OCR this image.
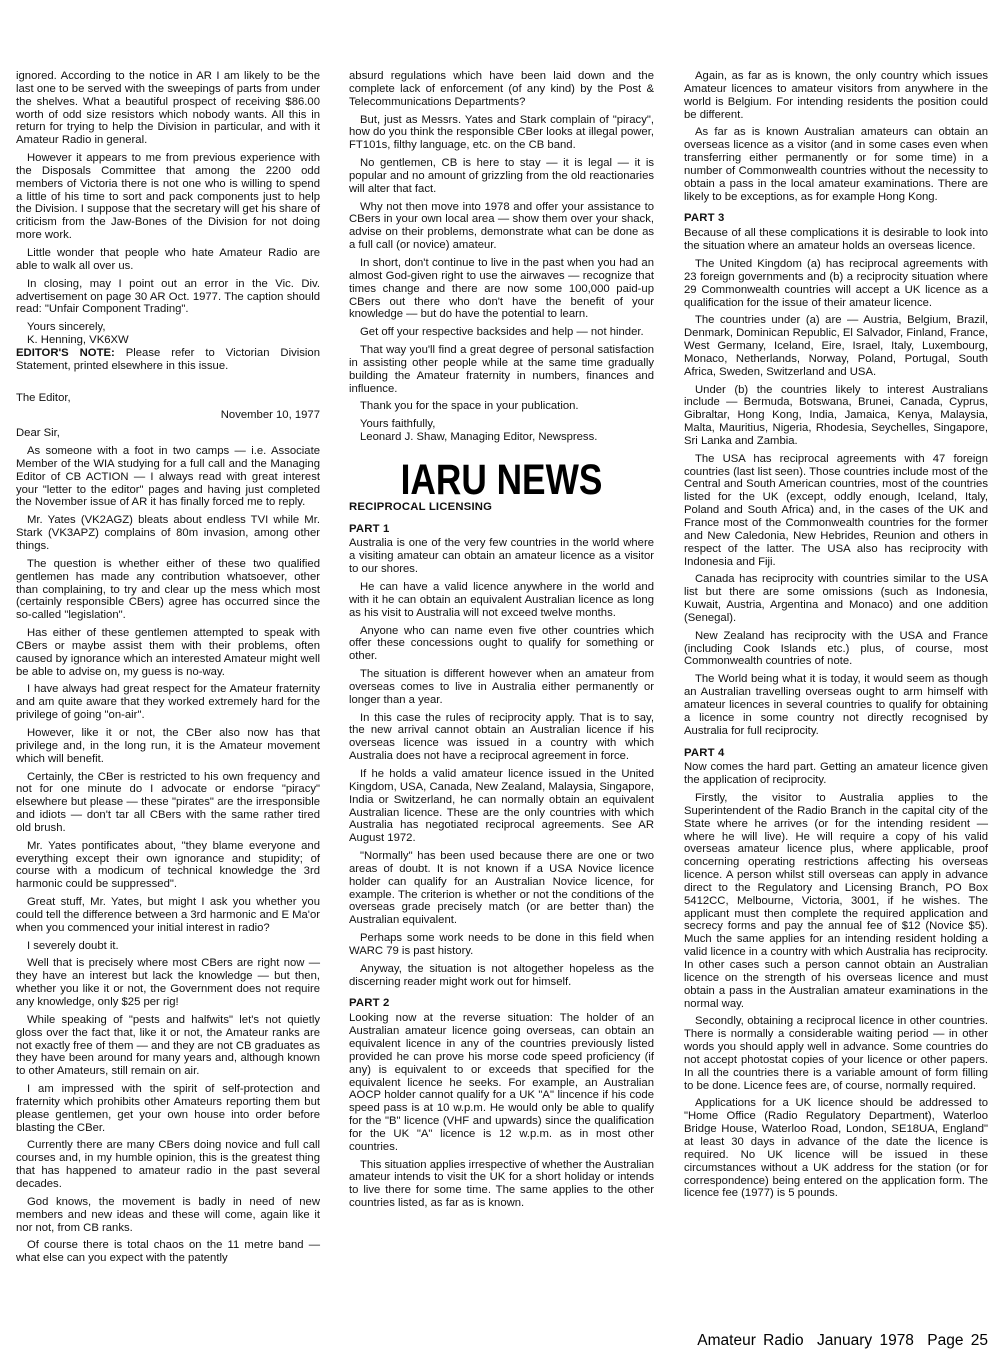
ignored. According to the notice in AR I am likely to be the last one to be served with the sweepings of parts from under the shelves. What a beautiful prospect of receiving $86.00 worth of odd size resistors which nobody wants. All this in return for trying to help the Division in particular, and with it Amateur Radio in general.

However it appears to me from previous experience with the Disposals Committee that among the 2200 odd members of Victoria there is not one who is willing to spend a little of his time to sort and pack components just to help the Division. I suppose that the secretary will get his share of criticism from the Jaw-Bones of the Division for not doing more work.

Little wonder that people who hate Amateur Radio are able to walk all over us.

In closing, may I point out an error in the Vic. Div. advertisement on page 30 AR Oct. 1977. The caption should read: "Unfair Component Trading".

Yours sincerely,

K. Henning, VK6XW

EDITOR'S NOTE: Please refer to Victorian Division Statement, printed elsewhere in this issue.

The Editor,

November 10, 1977

Dear Sir,

As someone with a foot in two camps — i.e. Associate Member of the WIA studying for a full call and the Managing Editor of CB ACTION — I always read with great interest your "letter to the editor" pages and having just completed the November issue of AR it has finally forced me to reply.

Mr. Yates (VK2AGZ) bleats about endless TVI while Mr. Stark (VK3APZ) complains of 80m invasion, among other things.

The question is whether either of these two qualified gentlemen has made any contribution whatsoever, other than complaining, to try and clear up the mess which most (certainly responsible CBers) agree has occurred since the so-called "legislation".

Has either of these gentlemen attempted to speak with CBers or maybe assist them with their problems, often caused by ignorance which an interested Amateur might well be able to advise on, my guess is no-way.

I have always had great respect for the Amateur fraternity and am quite aware that they worked extremely hard for the privilege of going "on-air".

However, like it or not, the CBer also now has that privilege and, in the long run, it is the Amateur movement which will benefit.

Certainly, the CBer is restricted to his own frequency and not for one minute do I advocate or endorse "piracy" elsewhere but please — these "pirates" are the irresponsible and idiots — don't tar all CBers with the same rather tired old brush.

Mr. Yates pontificates about, "they blame everyone and everything except their own ignorance and stupidity; of course with a modicum of technical knowledge the 3rd harmonic could be suppressed".

Great stuff, Mr. Yates, but might I ask you whether you could tell the difference between a 3rd harmonic and E Ma'or when you commenced your initial interest in radio?

I severely doubt it.

Well that is precisely where most CBers are right now — they have an interest but lack the knowledge — but then, whether you like it or not, the Government does not require any knowledge, only $25 per rig!

While speaking of "pests and halfwits" let's not quietly gloss over the fact that, like it or not, the Amateur ranks are not exactly free of them — and they are not CB graduates as they have been around for many years and, although known to other Amateurs, still remain on air.

I am impressed with the spirit of self-protection and fraternity which prohibits other Amateurs reporting them but please gentlemen, get your own house into order before blasting the CBer.

Currently there are many CBers doing novice and full call courses and, in my humble opinion, this is the greatest thing that has happened to amateur radio in the past several decades.

God knows, the movement is badly in need of new members and new ideas and these will come, again like it nor not, from CB ranks.

Of course there is total chaos on the 11 metre band — what else can you expect with the patently

absurd regulations which have been laid down and the complete lack of enforcement (of any kind) by the Post & Telecommunications Departments?

But, just as Messrs. Yates and Stark complain of "piracy", how do you think the responsible CBer looks at illegal power, FT101s, filthy language, etc. on the CB band.

No gentlemen, CB is here to stay — it is legal — it is popular and no amount of grizzling from the old reactionaries will alter that fact.

Why not then move into 1978 and offer your assistance to CBers in your own local area — show them over your shack, advise on their problems, demonstrate what can be done as a full call (or novice) amateur.

In short, don't continue to live in the past when you had an almost God-given right to use the airwaves — recognize that times change and there are now some 100,000 paid-up CBers out there who don't have the benefit of your knowledge — but do have the potential to learn.

Get off your respective backsides and help — not hinder.

That way you'll find a great degree of personal satisfaction in assisting other people while at the same time gradually building the Amateur fraternity in numbers, finances and influence.

Thank you for the space in your publication.

Yours faithfully,

Leonard J. Shaw, Managing Editor, Newspress.

IARU NEWS
RECIPROCAL LICENSING
PART 1

Australia is one of the very few countries in the world where a visiting amateur can obtain an amateur licence as a visitor to our shores.

He can have a valid licence anywhere in the world and with it he can obtain an equivalent Australian licence as long as his visit to Australia will not exceed twelve months.

Anyone who can name even five other countries which offer these concessions ought to qualify for something or other.

The situation is different however when an amateur from overseas comes to live in Australia either permanently or longer than a year.

In this case the rules of reciprocity apply. That is to say, the new arrival cannot obtain an Australian licence if his overseas licence was issued in a country with which Australia does not have a reciprocal agreement in force.

If he holds a valid amateur licence issued in the United Kingdom, USA, Canada, New Zealand, Malaysia, Singapore, India or Switzerland, he can normally obtain an equivalent Australian licence. These are the only countries with which Australia has negotiated reciprocal agreements. See AR August 1972.

"Normally" has been used because there are one or two areas of doubt. It is not known if a USA Novice licence holder can qualify for an Australian Novice licence, for example. The criterion is whether or not the conditions of the overseas grade precisely match (or are better than) the Australian equivalent.

Perhaps some work needs to be done in this field when WARC 79 is past history.

Anyway, the situation is not altogether hopeless as the discerning reader might work out for himself.

PART 2

Looking now at the reverse situation: The holder of an Australian amateur licence going overseas, can obtain an equivalent licence in any of the countries previously listed provided he can prove his morse code speed proficiency (if any) is equivalent to or exceeds that specified for the equivalent licence he seeks. For example, an Australian AOCP holder cannot qualify for a UK "A" lincence if his code speed pass is at 10 w.p.m. He would only be able to qualify for the "B" licence (VHF and upwards) since the qualification for the UK "A" licence is 12 w.p.m. as in most other countries.

This situation applies irrespective of whether the Australian amateur intends to visit the UK for a short holiday or intends to live there for some time. The same applies to the other countries listed, as far as is known.

Again, as far as is known, the only country which issues Amateur licences to amateur visitors from anywhere in the world is Belgium. For intending residents the position could be different.

As far as is known Australian amateurs can obtain an overseas licence as a visitor (and in some cases even when transferring either permanently or for some time) in a number of Commonwealth countries without the necessity to obtain a pass in the local amateur examinations. There are likely to be exceptions, as for example Hong Kong.

PART 3

Because of all these complications it is desirable to look into the situation where an amateur holds an overseas licence.

The United Kingdom (a) has reciprocal agreements with 23 foreign governments and (b) a reciprocity situation where 29 Commonwealth countries will accept a UK licence as a qualification for the issue of their amateur licence.

The countries under (a) are — Austria, Belgium, Brazil, Denmark, Dominican Republic, El Salvador, Finland, France, West Germany, Iceland, Eire, Israel, Italy, Luxembourg, Monaco, Netherlands, Norway, Poland, Portugal, South Africa, Sweden, Switzerland and USA.

Under (b) the countries likely to interest Australians include — Bermuda, Botswana, Brunei, Canada, Cyprus, Gibraltar, Hong Kong, India, Jamaica, Kenya, Malaysia, Malta, Mauritius, Nigeria, Rhodesia, Seychelles, Singapore, Sri Lanka and Zambia.

The USA has reciprocal agreements with 47 foreign countries (last list seen). Those countries include most of the Central and South American countries, most of the countries listed for the UK (except, oddly enough, Iceland, Italy, Poland and South Africa) and, in the cases of the UK and France most of the Commonwealth countries for the former and New Caledonia, New Hebrides, Reunion and others in respect of the latter. The USA also has reciprocity with Indonesia and Fiji.

Canada has reciprocity with countries similar to the USA list but there are some omissions (such as Indonesia, Kuwait, Austria, Argentina and Monaco) and one addition (Senegal).

New Zealand has reciprocity with the USA and France (including Cook Islands etc.) plus, of course, most Commonwealth countries of note.

The World being what it is today, it would seem as though an Australian travelling overseas ought to arm himself with amateur licences in several countries to qualify for obtaining a licence in some country not directly recognised by Australia for full reciprocity.

PART 4

Now comes the hard part. Getting an amateur licence given the application of reciprocity.

Firstly, the visitor to Australia applies to the Superintendent of the Radio Branch in the capital city of the State where he arrives (or for the intending resident — where he will live). He will require a copy of his valid overseas amateur licence plus, where applicable, proof concerning operating restrictions affecting his overseas licence. A person whilst still overseas can apply in advance direct to the Regulatory and Licensing Branch, PO Box 5412CC, Melbourne, Victoria, 3001, if he wishes. The applicant must then complete the required application and secrecy forms and pay the annual fee of $12 (Novice $5). Much the same applies for an intending resident holding a valid licence in a country with which Australia has reciprocity. In other cases such a person cannot obtain an Australian licence on the strength of his overseas licence and must obtain a pass in the Australian amateur examinations in the normal way.

Secondly, obtaining a reciprocal licence in other countries. There is normally a considerable waiting period — in other words you should apply well in advance. Some countries do not accept photostat copies of your licence or other papers. In all the countries there is a variable amount of form filling to be done. Licence fees are, of course, normally required.

Applications for a UK licence should be addressed to "Home Office (Radio Regulatory Department), Waterloo Bridge House, Waterloo Road, London, SE18UA, England" at least 30 days in advance of the date the licence is required. No UK licence will be issued in these circumstances without a UK address for the station (or for correspondence) being entered on the application form. The licence fee (1977) is 5 pounds.

Amateur Radio January 1978 Page 25
